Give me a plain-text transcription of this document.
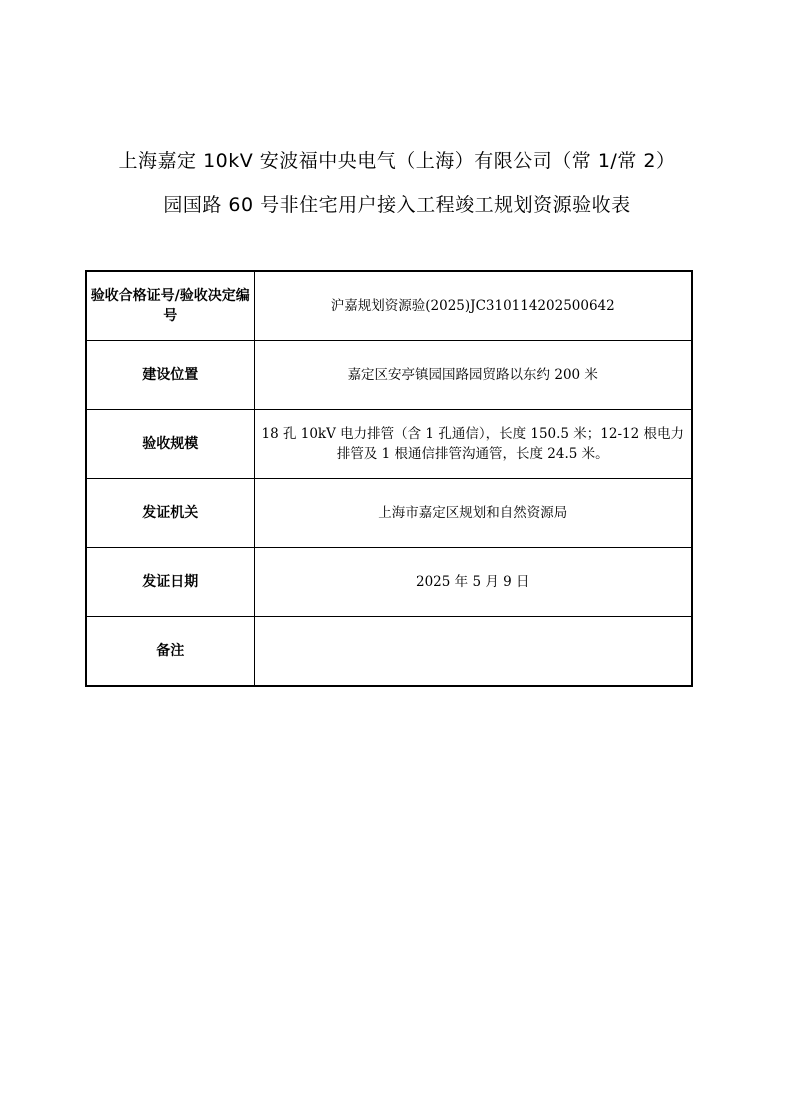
上海嘉定 10kV 安波福中央电气（上海）有限公司（常 1/常 2）
园国路 60 号非住宅用户接入工程竣工规划资源验收表
验收合格证号/验收决定编号	沪嘉规划资源验(2025)JC310114202500642
建设位置	嘉定区安亭镇园国路园贸路以东约 200 米
验收规模	18 孔 10kV 电力排管（含 1 孔通信），长度 150.5 米；12-12 根电力排管及 1 根通信排管沟通管，长度 24.5 米。
发证机关	上海市嘉定区规划和自然资源局
发证日期	2025 年 5 月 9 日
备注	
